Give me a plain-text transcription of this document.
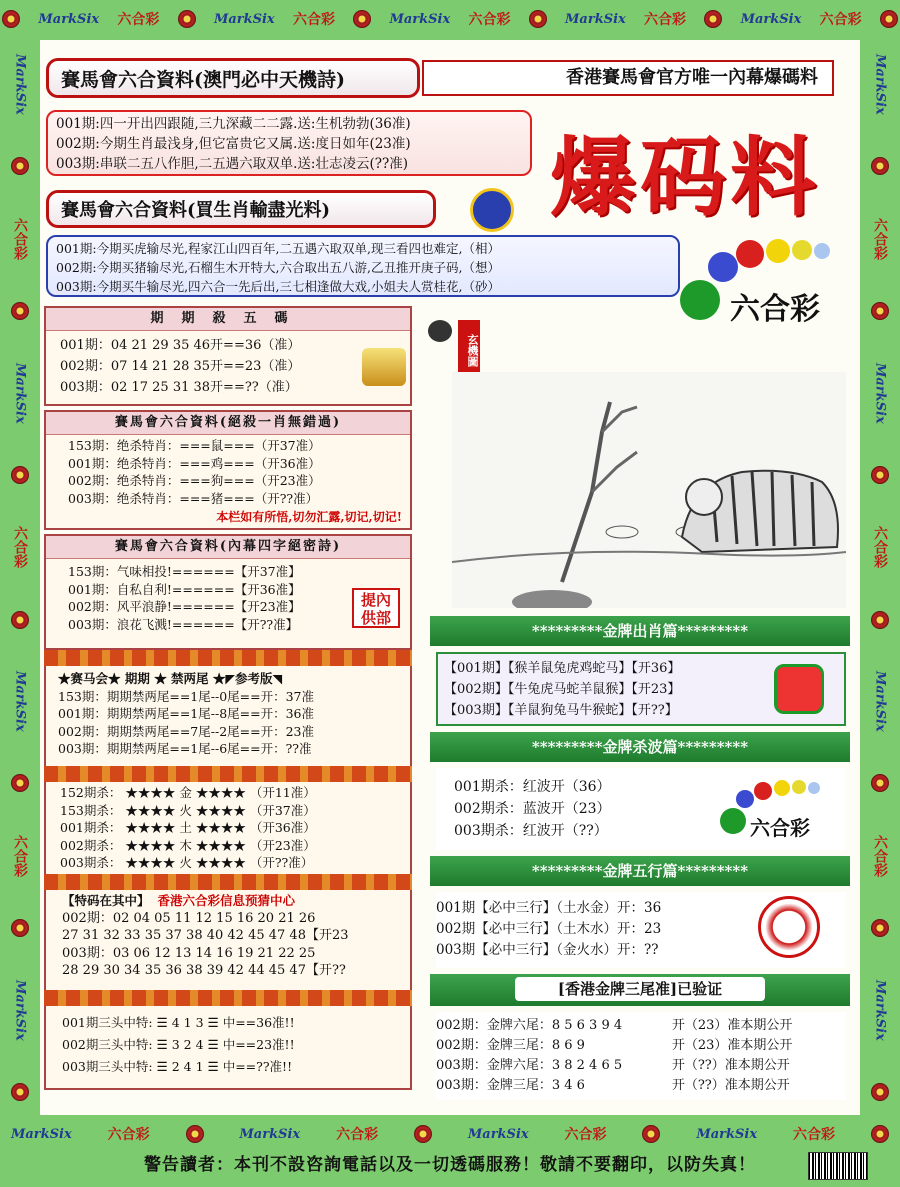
MarkSix 六合彩	MarkSix 六合彩	MarkSix 六合彩	MarkSix 六合彩	MarkSix 六合彩
MarkSix
六合彩
MarkSix
六合彩
MarkSix
六合彩
MarkSix
MarkSix
六合彩
MarkSix
六合彩
MarkSix
六合彩
MarkSix
MarkSix	六合彩	MarkSix	六合彩	MarkSix	六合彩	MarkSix	六合彩
賽馬會六合資料(澳門必中天機詩)	香港賽馬會官方唯一內幕爆碼料
001期:四一开出四跟随,三九深藏二二露.送:生机勃勃(36准)
002期:今期生肖最浅身,但它富贵它又属.送:度日如年(23准)
003期:串联二五八作胆,二五遇六取双单.送:壮志凌云(??准)	爆码料
賽馬會六合資料(買生肖輸盡光料)
001期:今期买虎输尽光,程家江山四百年,二五遇六取双单,现三看四也难定,（相）
002期:今期买猪输尽光,石榴生木开特大,六合取出五八游,乙丑推开庚子码,（想）
003期:今期买牛输尽光,四六合一先后出,三七相逢做大戏,小姐夫人赏桂花,（砂）
六合彩
期期殺五碼
001期：04 21 29 35 46开==36（准）
002期：07 14 21 28 35开==23（准）
003期：02 17 25 31 38开==??（准）
賽馬會六合資料(絕殺一肖無錯過)
153期：绝杀特肖：===鼠===（开37准）
001期：绝杀特肖：===鸡===（开36准）
002期：绝杀特肖：===狗===（开23准）
003期：绝杀特肖：===猪===（开??准）
本栏如有所悟,切勿汇露,切记,切记!
賽馬會六合資料(內幕四字絕密詩)
153期：气味相投!======【开37准】
001期：自私自利!======【开36准】
002期：风平浪静!======【开23准】
003期：浪花飞溅!======【开??准】
提內供部
★赛马会★ 期期 ★ 禁两尾 ★◤参考版◥
153期：期期禁两尾==1尾--0尾==开：37准
001期：期期禁两尾==1尾--8尾==开：36准
002期：期期禁两尾==7尾--2尾==开：23准
003期：期期禁两尾==1尾--6尾==开：??准
152期杀： ★★★★ 金 ★★★★ （开11准）
153期杀： ★★★★ 火 ★★★★ （开37准）
001期杀： ★★★★ 土 ★★★★ （开36准）
002期杀： ★★★★ 木 ★★★★ （开23准）
003期杀： ★★★★ 火 ★★★★ （开??准）
【特码在其中】 香港六合彩信息预猜中心
002期：02 04 05 11 12 15 16 20 21 26
27 31 32 33 35 37 38 40 42 45 47 48【开23
003期：03 06 12 13 14 16 19 21 22 25
28 29 30 34 35 36 38 39 42 44 45 47【开??
001期三头中特: ☰ 4 1 3 ☰ 中==36准!!
002期三头中特: ☰ 3 2 4 ☰ 中==23准!!
003期三头中特: ☰ 2 4 1 ☰ 中==??准!!
玄機圖
*********金牌出肖篇*********
【001期】【猴羊鼠兔虎鸡蛇马】【开36】
【002期】【牛兔虎马蛇羊鼠猴】【开23】
【003期】【羊鼠狗兔马牛猴蛇】【开??】
*********金牌杀波篇*********
001期杀：红波开（36）
002期杀：蓝波开（23）
003期杀：红波开（??）	六合彩
*********金牌五行篇*********
001期【必中三行】（土水金）开：36
002期【必中三行】（土木水）开：23
003期【必中三行】（金火水）开：??
[香港金牌三尾准]已验证
002期：金牌六尾：8 5 6 3 9 4	开（23）准本期公开
002期：金牌三尾：8 6 9	开（23）准本期公开
003期：金牌六尾：3 8 2 4 6 5	开（??）准本期公开
003期：金牌三尾：3 4 6	开（??）准本期公开
警告讀者：本刊不設咨詢電話以及一切透碼服務！敬請不要翻印，以防失真！
